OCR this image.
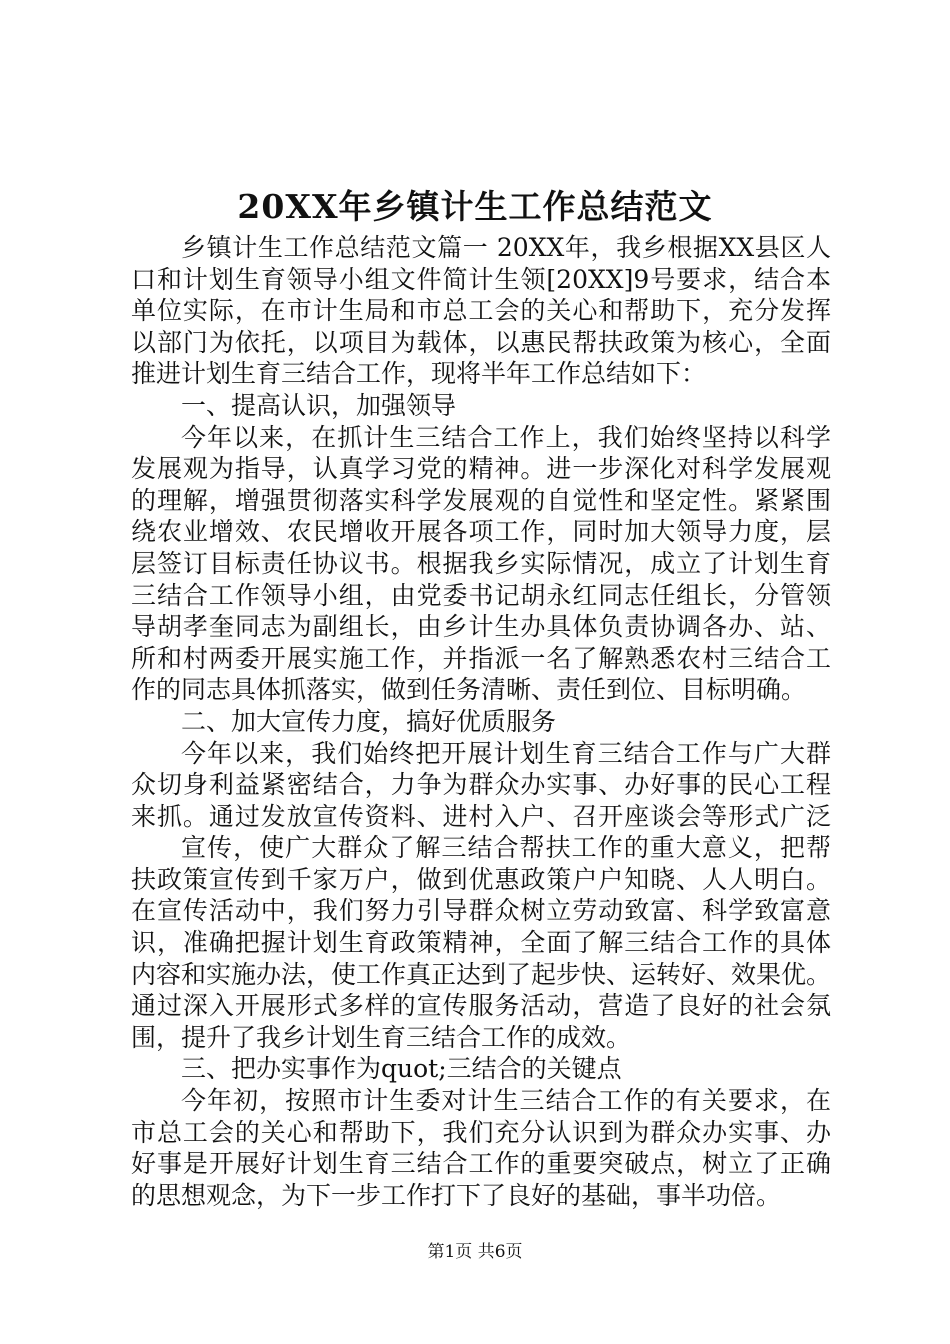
20XX年乡镇计生工作总结范文

乡镇计生工作总结范文篇一 20XX年，我乡根据XX县区人

口和计划生育领导小组文件简计生领[20XX]9号要求，结合本

单位实际，在市计生局和市总工会的关心和帮助下，充分发挥

以部门为依托，以项目为载体，以惠民帮扶政策为核心，全面

推进计划生育三结合工作，现将半年工作总结如下：

一、提高认识，加强领导

今年以来，在抓计生三结合工作上，我们始终坚持以科学

发展观为指导，认真学习党的精神。进一步深化对科学发展观

的理解，增强贯彻落实科学发展观的自觉性和坚定性。紧紧围

绕农业增效、农民增收开展各项工作，同时加大领导力度，层

层签订目标责任协议书。根据我乡实际情况，成立了计划生育

三结合工作领导小组，由党委书记胡永红同志任组长，分管领

导胡孝奎同志为副组长，由乡计生办具体负责协调各办、站、

所和村两委开展实施工作，并指派一名了解熟悉农村三结合工

作的同志具体抓落实，做到任务清晰、责任到位、目标明确。

二、加大宣传力度，搞好优质服务

今年以来，我们始终把开展计划生育三结合工作与广大群

众切身利益紧密结合，力争为群众办实事、办好事的民心工程

来抓。通过发放宣传资料、进村入户、召开座谈会等形式广泛

宣传，使广大群众了解三结合帮扶工作的重大意义，把帮

扶政策宣传到千家万户，做到优惠政策户户知晓、人人明白。

在宣传活动中，我们努力引导群众树立劳动致富、科学致富意

识，准确把握计划生育政策精神，全面了解三结合工作的具体

内容和实施办法，使工作真正达到了起步快、运转好、效果优。

通过深入开展形式多样的宣传服务活动，营造了良好的社会氛

围，提升了我乡计划生育三结合工作的成效。

三、把办实事作为quot;三结合的关键点

今年初，按照市计生委对计生三结合工作的有关要求，在

市总工会的关心和帮助下，我们充分认识到为群众办实事、办

好事是开展好计划生育三结合工作的重要突破点，树立了正确

的思想观念，为下一步工作打下了良好的基础，事半功倍。

第1页 共6页
